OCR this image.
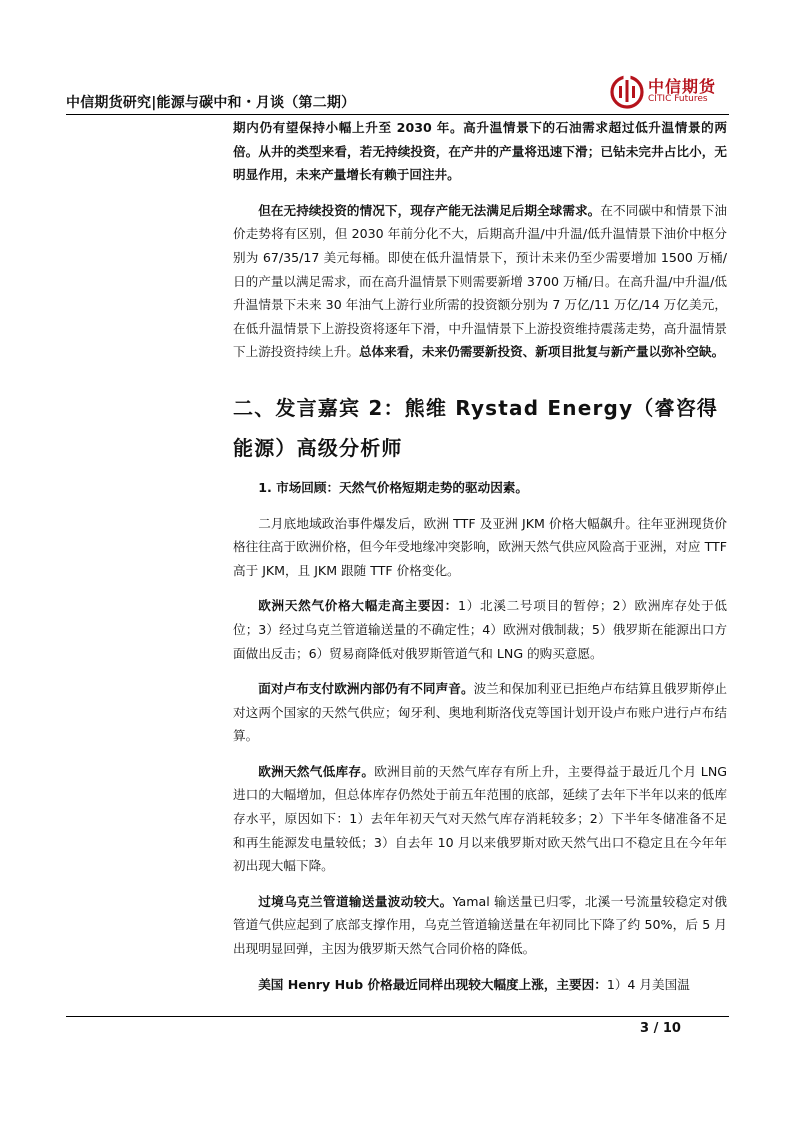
中信期货研究|能源与碳中和・月谈（第二期）
中信期货
CITIC Futures

期内仍有望保持小幅上升至 2030 年。高升温情景下的石油需求超过低升温情景的两倍。从井的类型来看，若无持续投资，在产井的产量将迅速下滑；已钻未完井占比小，无明显作用，未来产量增长有赖于回注井。

但在无持续投资的情况下，现存产能无法满足后期全球需求。在不同碳中和情景下油价走势将有区别，但 2030 年前分化不大，后期高升温/中升温/低升温情景下油价中枢分别为 67/35/17 美元每桶。即使在低升温情景下，预计未来仍至少需要增加 1500 万桶/日的产量以满足需求，而在高升温情景下则需要新增 3700 万桶/日。在高升温/中升温/低升温情景下未来 30 年油气上游行业所需的投资额分别为 7 万亿/11 万亿/14 万亿美元，在低升温情景下上游投资将逐年下滑，中升温情景下上游投资维持震荡走势，高升温情景下上游投资持续上升。总体来看，未来仍需要新投资、新项目批复与新产量以弥补空缺。

二、发言嘉宾 2：熊维 Rystad Energy（睿咨得能源）高级分析师

1. 市场回顾：天然气价格短期走势的驱动因素。

二月底地域政治事件爆发后，欧洲 TTF 及亚洲 JKM 价格大幅飙升。往年亚洲现货价格往往高于欧洲价格，但今年受地缘冲突影响，欧洲天然气供应风险高于亚洲，对应 TTF 高于 JKM，且 JKM 跟随 TTF 价格变化。

欧洲天然气价格大幅走高主要因：1）北溪二号项目的暂停；2）欧洲库存处于低位；3）经过乌克兰管道输送量的不确定性；4）欧洲对俄制裁；5）俄罗斯在能源出口方面做出反击；6）贸易商降低对俄罗斯管道气和 LNG 的购买意愿。

面对卢布支付欧洲内部仍有不同声音。波兰和保加利亚已拒绝卢布结算且俄罗斯停止对这两个国家的天然气供应；匈牙利、奥地利斯洛伐克等国计划开设卢布账户进行卢布结算。

欧洲天然气低库存。欧洲目前的天然气库存有所上升，主要得益于最近几个月 LNG 进口的大幅增加，但总体库存仍然处于前五年范围的底部，延续了去年下半年以来的低库存水平，原因如下：1）去年年初天气对天然气库存消耗较多；2）下半年冬储准备不足和再生能源发电量较低；3）自去年 10 月以来俄罗斯对欧天然气出口不稳定且在今年年初出现大幅下降。

过境乌克兰管道输送量波动较大。Yamal 输送量已归零，北溪一号流量较稳定对俄管道气供应起到了底部支撑作用，乌克兰管道输送量在年初同比下降了约 50%，后 5 月出现明显回弹，主因为俄罗斯天然气合同价格的降低。

美国 Henry Hub 价格最近同样出现较大幅度上涨，主要因：1）4 月美国温

3 / 10
